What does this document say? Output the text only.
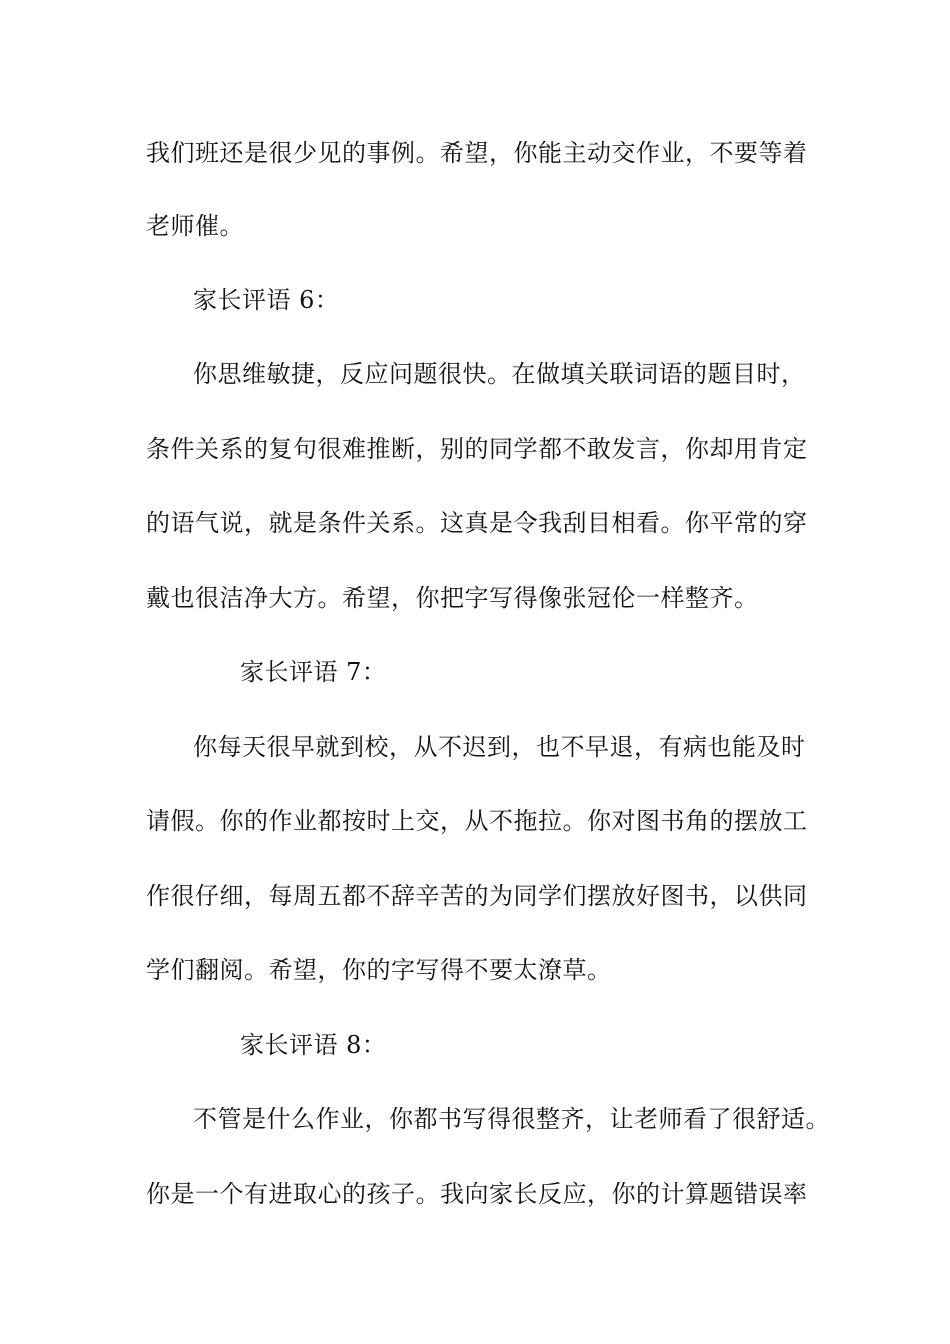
我们班还是很少见的事例。希望，你能主动交作业，不要等着
老师催。
家长评语 6：
你思维敏捷，反应问题很快。在做填关联词语的题目时，
条件关系的复句很难推断，别的同学都不敢发言，你却用肯定
的语气说，就是条件关系。这真是令我刮目相看。你平常的穿
戴也很洁净大方。希望，你把字写得像张冠伦一样整齐。
家长评语 7：
你每天很早就到校，从不迟到，也不早退，有病也能及时
请假。你的作业都按时上交，从不拖拉。你对图书角的摆放工
作很仔细，每周五都不辞辛苦的为同学们摆放好图书，以供同
学们翻阅。希望，你的字写得不要太潦草。
家长评语 8：
不管是什么作业，你都书写得很整齐，让老师看了很舒适。
你是一个有进取心的孩子。我向家长反应，你的计算题错误率
